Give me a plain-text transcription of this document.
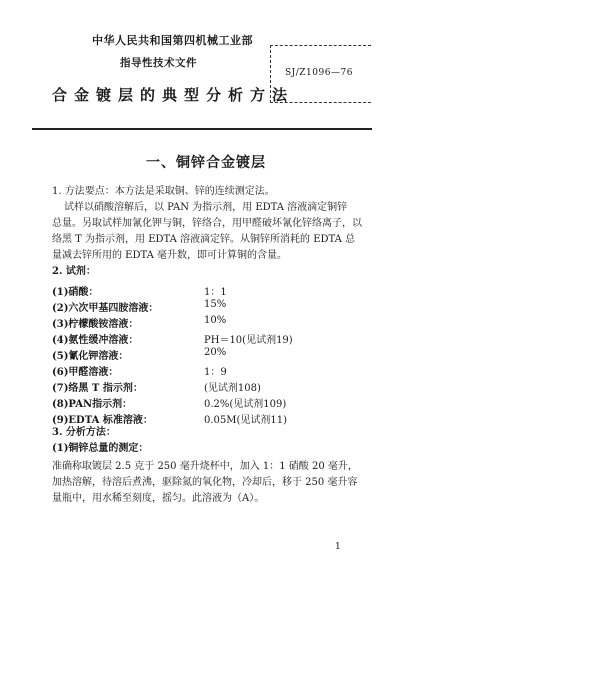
中华人民共和国第四机械工业部
指导性技术文件
合金镀层的典型分析方法
SJ/Z1096—76
一、铜锌合金镀层
1. 方法要点：本方法是采取铜、锌的连续测定法。
试样以硝酸溶解后，以 PAN 为指示剂，用 EDTA 溶液滴定铜锌
总量。另取试样加氰化钾与铜，锌络合，用甲醛破坏氰化锌络离子，以
络黑 T 为指示剂，用 EDTA 溶液滴定锌。从铜锌所消耗的 EDTA 总
量减去锌所用的 EDTA 毫升数，即可计算铜的含量。
2. 试剂：
(1)硝酸：	1：1
(2)六次甲基四胺溶液：	15%
(3)柠檬酸铵溶液：	10%
(4)氨性缓冲溶液：	PH＝10(见试剂19)
(5)氰化钾溶液：	20%
(6)甲醛溶液：	1：9
(7)络黑 T 指示剂：	(见试剂108)
(8)PAN指示剂：	0.2%(见试剂109)
(9)EDTA 标准溶液：	0.05M(见试剂11)
3. 分析方法：
(1)铜锌总量的测定：
准确称取镀层 2.5 克于 250 毫升烧杯中，加入 1：1 硝酸 20 毫升，
加热溶解，待溶后煮沸，驱除氮的氧化物，冷却后，移于 250 毫升容
量瓶中，用水稀至刻度，摇匀。此溶液为（A）。
1
